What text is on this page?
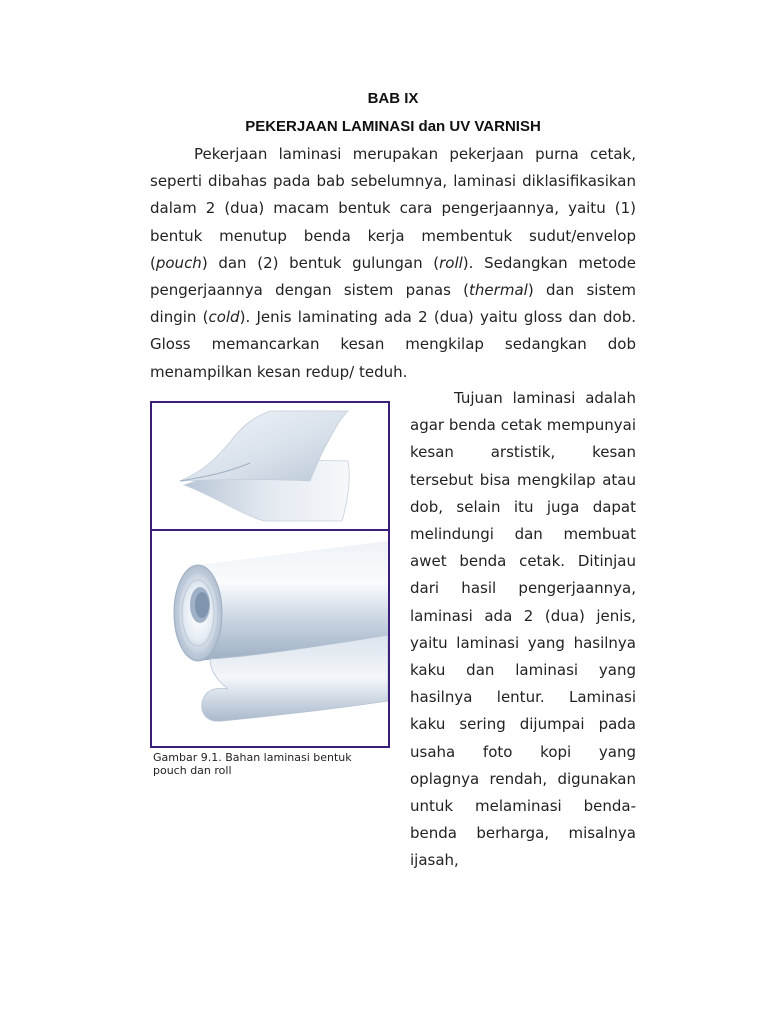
BAB IX
PEKERJAAN LAMINASI dan UV VARNISH
Pekerjaan laminasi merupakan pekerjaan purna cetak, seperti dibahas pada bab sebelumnya, laminasi diklasifikasikan dalam 2 (dua) macam bentuk cara pengerjaannya, yaitu (1) bentuk menutup benda kerja membentuk sudut/envelop (pouch) dan (2) bentuk gulungan (roll). Sedangkan metode pengerjaannya dengan sistem panas (thermal) dan sistem dingin (cold). Jenis laminating ada 2 (dua) yaitu gloss dan dob. Gloss memancarkan kesan mengkilap sedangkan dob menampilkan kesan redup/ teduh.
Gambar 9.1. Bahan laminasi bentuk pouch dan roll
Tujuan laminasi adalah agar benda cetak mempunyai kesan arstistik, kesan tersebut bisa mengkilap atau dob, selain itu juga dapat melindungi dan membuat awet benda cetak. Ditinjau dari hasil pengerjaannya, laminasi ada 2 (dua) jenis, yaitu laminasi yang hasilnya kaku dan laminasi yang hasilnya lentur. Laminasi kaku sering dijumpai pada usaha foto kopi yang oplagnya rendah, digunakan untuk melaminasi benda-benda berharga, misalnya ijasah,
